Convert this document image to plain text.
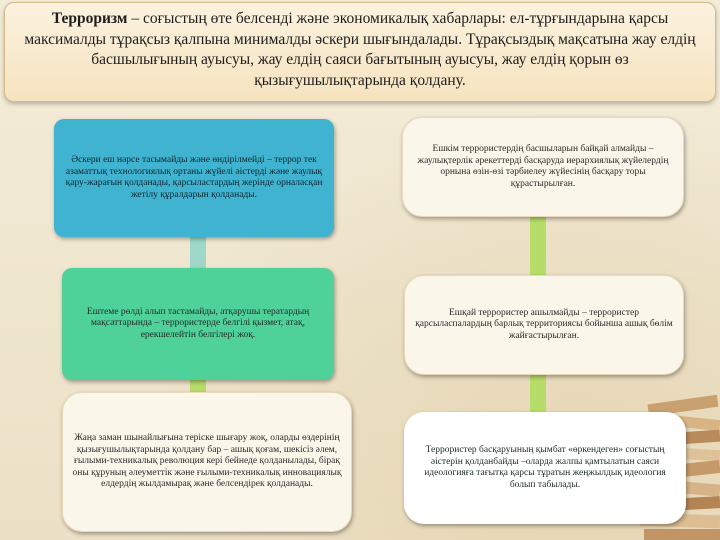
Терроризм – соғыстың өте белсенді және экономикалық хабарлары: ел-тұрғындарына қарсы максималды тұрақсыз қалпына минималды әскери шығындалады. Тұрақсыздық мақсатына жау елдің басшылығының ауысуы, жау елдің саяси бағытының ауысуы, жау елдің қорын өз қызығушылықтарында қолдану.
Әскери еш нәрсе тасымайды және өндірілмейді – террор тек азаматтық технологиялық ортаны жүйелі әістерді және жаулық қару-жарағын қолданады, қарсыластардың жерінде орналасқан жетілу құралдарын қолданады.
Ештеме рөлді алып тастамайды, атқарушы тератардың мақсаттарында – террористерде белгілі қызмет, атақ, ерекшелейтін белгілері жоқ.
Жаңа заман шынайлығына теріске шығару жоқ, оларды өздерінің қызығушылықтарында қолдану бар – ашық қоғам, шекісіз әлем, ғылыми-техникалық революция кері бейнеде қолданылады, бірақ оны құруның әлеуметтік және ғылыми-техникалық инновациялық елдердің жылдамырақ және белсендірек қолданады.
Ешкім террористердің басшыларын байқай алмайды – жаулықтерлік әрекеттерді басқаруда иерархиялық жүйелердің орнына өзін-өзі тәрбиелеу жүйесінің басқару торы құрастырылған.
Ешқай террористер ашылмайды – террористер қарсыласпалардың барлық территориясы бойынша ашық бөлім жайғастырылған.
Террористер басқаруының қымбат «өркендеген» соғыстың әістерін қолданбайды –оларда жалпы қамтылатын саяси идеологияға тағытқа қарсы тұратын жеңжылдық идеология болып табылады.
